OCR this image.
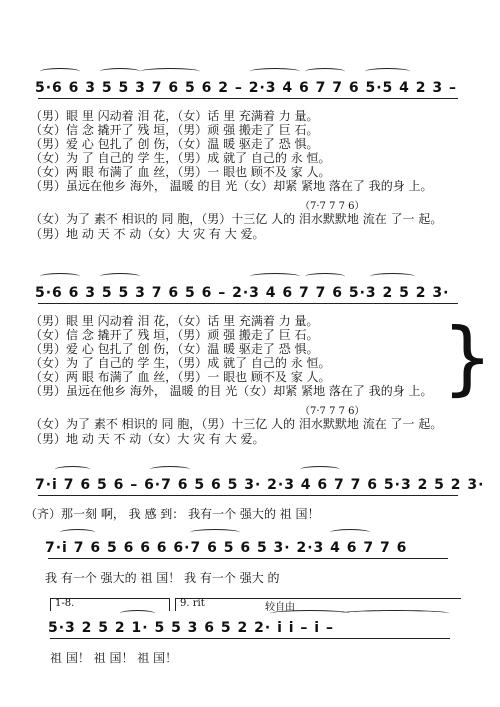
5·6 6 3 5 5 3 7 6 5 6 2 – 2·3 4 6 7 7 6 5·5 4 2 3 –
（男）眼 里 闪动着 泪 花，（女）话 里 充满着 力 量。
（女）信 念 撬开了 残 垣，（男）顽 强 搬走了 巨 石。
（男）爱 心 包扎了 创 伤，（女）温 暖 驱走了 恐 惧。
（女）为 了 自己的 学 生，（男）成 就了 自己的 永 恒。
（女）两 眼 布满了 血 丝，（男）一 眼也 顾不及 家 人。
（男）虽远在他乡 海外， 温暖 的目 光（女）却紧 紧地 落在了 我的身 上。
（7·7 7 7 6）
（女）为了 素不 相识的 同 胞，（男）十三亿 人的 泪水默默地 流在 了一 起。
（男）地 动 天 不 动（女）大 灾 有 大 爱。
5·6 6 3 5 5 3 7 6 5 6 – 2·3 4 6 7 7 6 5·3 2 5 2 3·
（男）眼 里 闪动着 泪 花，（女）话 里 充满着 力 量。
（女）信 念 撬开了 残 垣，（男）顽 强 搬走了 巨 石。
（男）爱 心 包扎了 创 伤，（女）温 暖 驱走了 恐 惧。
（女）为 了 自己的 学 生，（男）成 就了 自己的 永 恒。
（女）两 眼 布满了 血 丝，（男）一 眼也 顾不及 家 人。
（男）虽远在他乡 海外， 温暖 的目 光（女）却紧 紧地 落在了 我的身 上。
（7·7 7 7 6）
（女）为了 素不 相识的 同 胞，（男）十三亿 人的 泪水默默地 流在 了一 起。
（男）地 动 天 不 动（女）大 灾 有 大 爱。
}
7·i 7 6 5 6 – 6·7 6 5 6 5 3· 2·3 4 6 7 7 6 5·3 2 5 2 3·
（齐）那一刻 啊， 我 感 到： 我有一个 强大的 祖 国！
7·i 7 6 5 6 6 6 6·7 6 5 6 5 3· 2·3 4 6 7 7 6
我 有一个 强大的 祖 国！ 我 有一个 强大 的
1-8.	9. rit	较自由
5·3 2 5 2 1· 5 5 3 6 5 2 2· i i – i –
祖 国！ 祖 国！ 祖 国！
